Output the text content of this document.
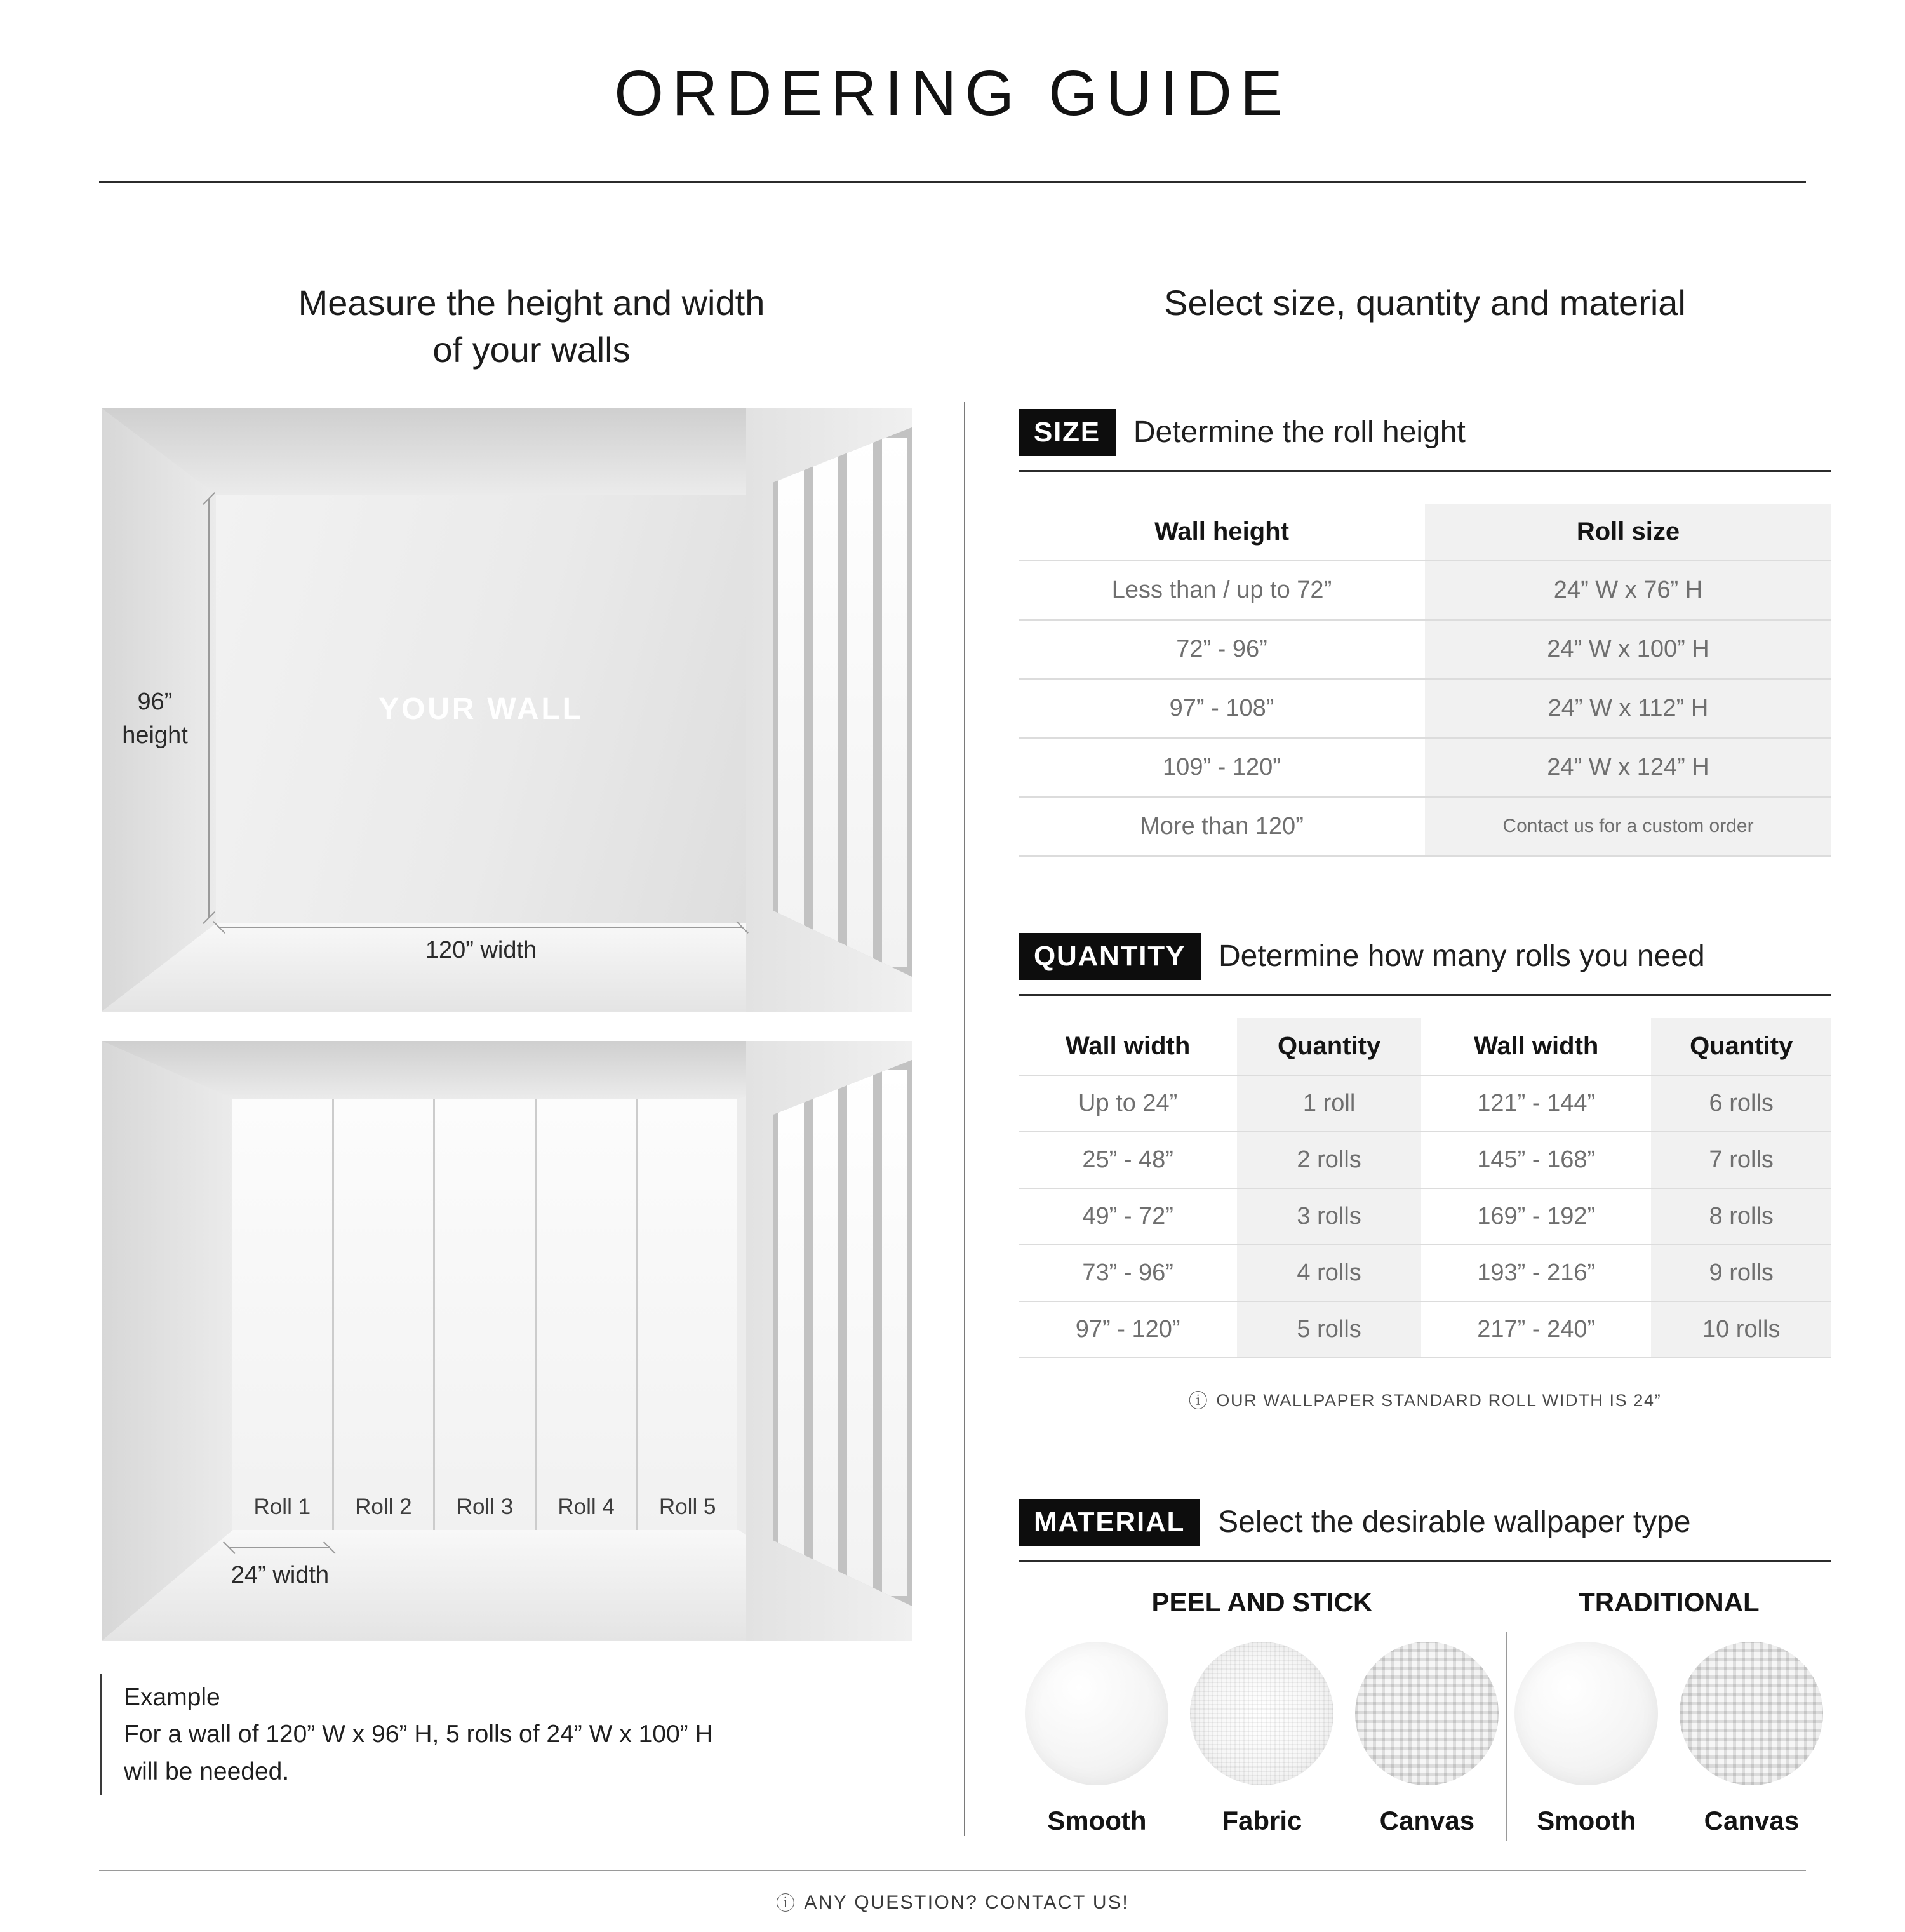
ORDERING GUIDE
Measure the height and width
of your walls
YOUR WALL
96”
height
120” width
Roll 1 Roll 2 Roll 3 Roll 4 Roll 5
24” width
Example
For a wall of 120” W x 96” H, 5 rolls of 24” W x 100” H
will be needed.
Select size, quantity and material
SIZE	Determine the roll height
Wall height	Roll size
Less than / up to 72”	24” W x 76” H
72” - 96”	24” W x 100” H
97” - 108”	24” W x 112” H
109” - 120”	24” W x 124” H
More than 120”	Contact us for a custom order
QUANTITY	Determine how many rolls you need
Wall width	Quantity	Wall width	Quantity
Up to 24”	1 roll	121” - 144”	6 rolls
25” - 48”	2 rolls	145” - 168”	7 rolls
49” - 72”	3 rolls	169” - 192”	8 rolls
73” - 96”	4 rolls	193” - 216”	9 rolls
97” - 120”	5 rolls	217” - 240”	10 rolls
ⓘ OUR WALLPAPER STANDARD ROLL WIDTH IS 24”
MATERIAL	Select the desirable wallpaper type
PEEL AND STICK
Smooth	Fabric	Canvas
TRADITIONAL
Smooth	Canvas
ⓘ ANY QUESTION? CONTACT US!
